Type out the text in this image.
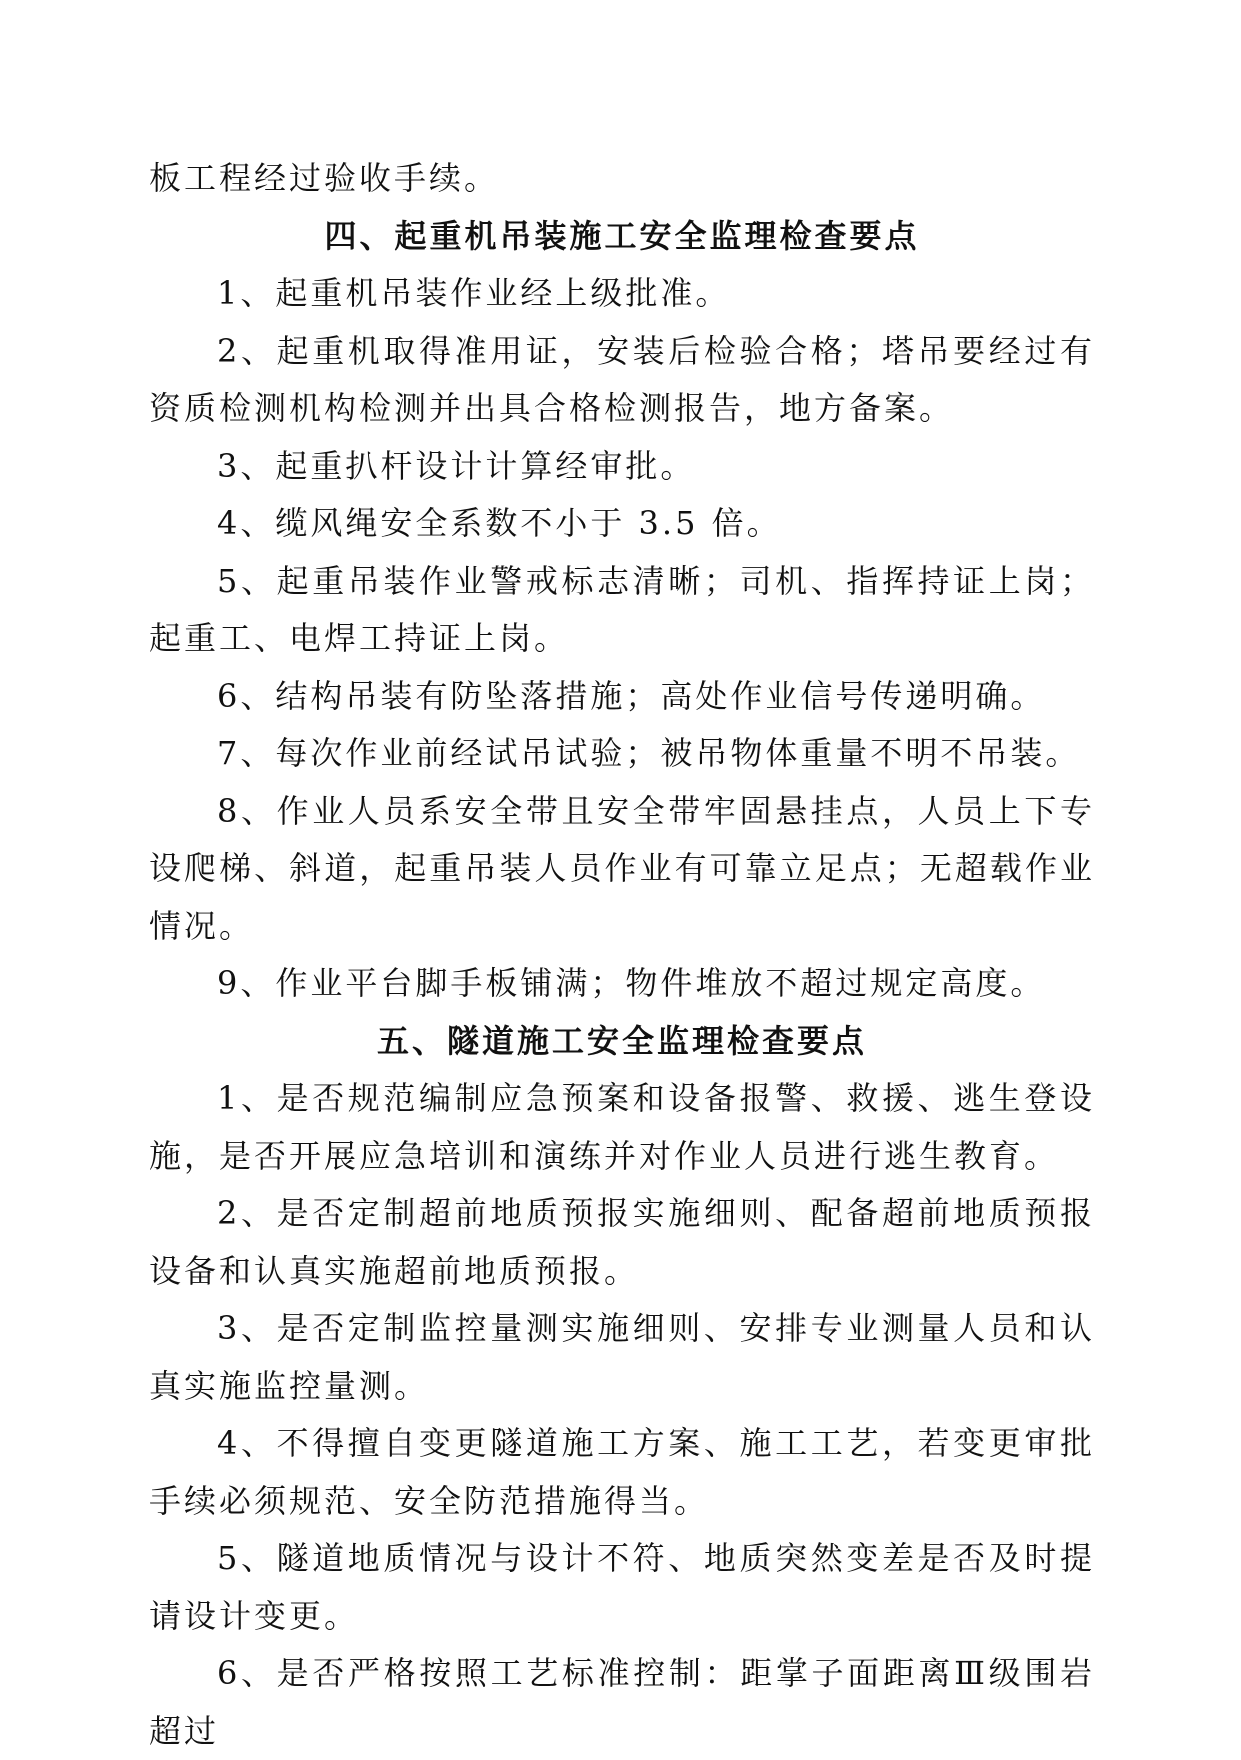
板工程经过验收手续。

四、起重机吊装施工安全监理检查要点

1、起重机吊装作业经上级批准。

2、起重机取得准用证，安装后检验合格；塔吊要经过有资质检测机构检测并出具合格检测报告，地方备案。

3、起重扒杆设计计算经审批。

4、缆风绳安全系数不小于 3.5 倍。

5、起重吊装作业警戒标志清晰；司机、指挥持证上岗；起重工、电焊工持证上岗。

6、结构吊装有防坠落措施；高处作业信号传递明确。

7、每次作业前经试吊试验；被吊物体重量不明不吊装。

8、作业人员系安全带且安全带牢固悬挂点，人员上下专设爬梯、斜道，起重吊装人员作业有可靠立足点；无超载作业情况。

9、作业平台脚手板铺满；物件堆放不超过规定高度。

五、隧道施工安全监理检查要点

1、是否规范编制应急预案和设备报警、救援、逃生登设施，是否开展应急培训和演练并对作业人员进行逃生教育。

2、是否定制超前地质预报实施细则、配备超前地质预报设备和认真实施超前地质预报。

3、是否定制监控量测实施细则、安排专业测量人员和认真实施监控量测。

4、不得擅自变更隧道施工方案、施工工艺，若变更审批手续必须规范、安全防范措施得当。

5、隧道地质情况与设计不符、地质突然变差是否及时提请设计变更。

6、是否严格按照工艺标准控制：距掌子面距离Ⅲ级围岩超过
